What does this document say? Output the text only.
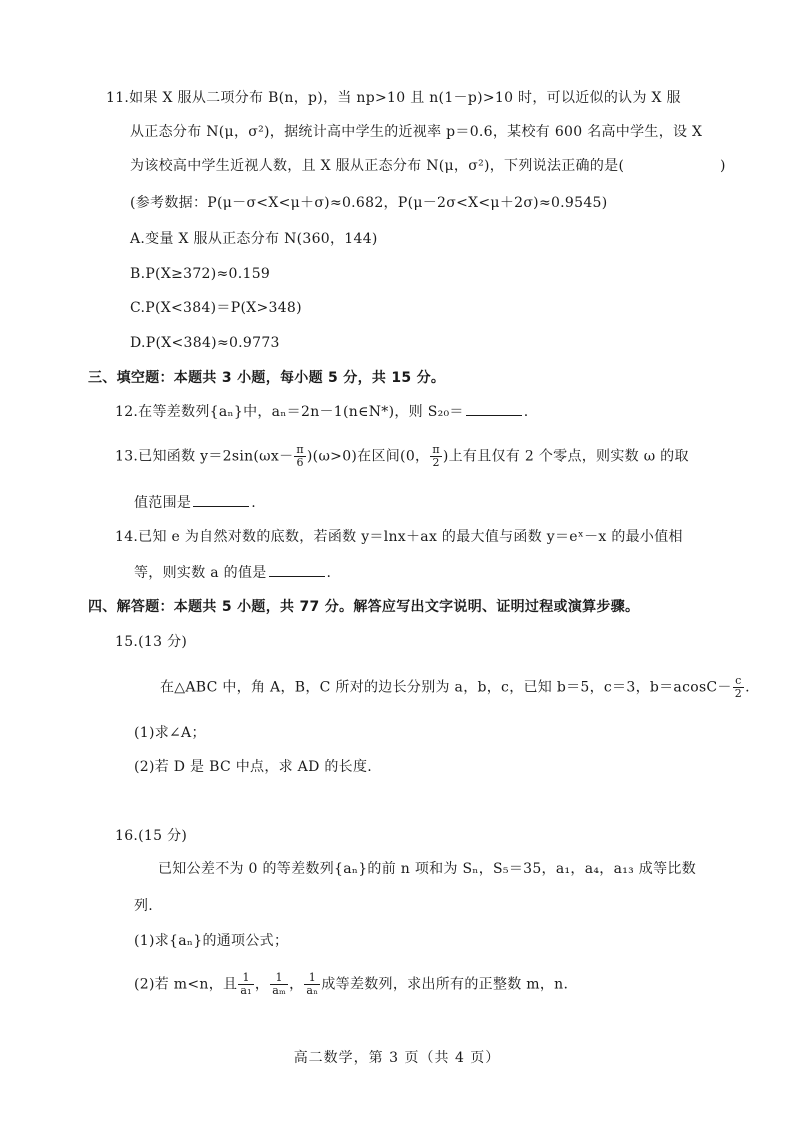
11.如果 X 服从二项分布 B(n，p)，当 np>10 且 n(1－p)>10 时，可以近似的认为 X 服
从正态分布 N(μ，σ²)，据统计高中学生的近视率 p＝0.6，某校有 600 名高中学生，设 X
为该校高中学生近视人数，且 X 服从正态分布 N(μ，σ²)，下列说法正确的是(	)
(参考数据：P(μ－σ<X<μ＋σ)≈0.682，P(μ－2σ<X<μ＋2σ)≈0.9545)
A.变量 X 服从正态分布 N(360，144)
B.P(X≥372)≈0.159
C.P(X<384)＝P(X>348)
D.P(X<384)≈0.9773
三、填空题：本题共 3 小题，每小题 5 分，共 15 分。
12.在等差数列{aₙ}中，aₙ＝2n－1(n∈N*)，则 S₂₀＝	.
13.已知函数 $y=2\sin(\omega x- \frac{\pi}{6} )(\omega>0)$在区间(0， $\frac{\pi}{2}$ )上有且仅有 2 个零点，则实数 ω 的取
值范围是	.
14.已知 e 为自然对数的底数，若函数 y＝lnx＋ax 的最大值与函数 y＝eˣ－x 的最小值相
等，则实数 a 的值是	.
四、解答题：本题共 5 小题，共 77 分。解答应写出文字说明、证明过程或演算步骤。
15.(13 分)
在△ABC 中，角 A，B，C 所对的边长分别为 a，b，c，已知 b＝5，c＝3，$b=acosC- \frac{c}{2}$ .
(1)求∠A；
(2)若 D 是 BC 中点，求 AD 的长度.
16.(15 分)
已知公差不为 0 的等差数列{aₙ}的前 n 项和为 Sₙ，S₅＝35，a₁，a₄，a₁₃ 成等比数
列.
(1)求{aₙ}的通项公式；
(2)若 m<n，且 $\frac{1}{\text{a₁}}$ ， $\frac{1}{\text{aₘ}}$ ， $\frac{1}{\text{aₙ}}$ 成等差数列，求出所有的正整数 m，n.
高二数学，第 3 页（共 4 页）
